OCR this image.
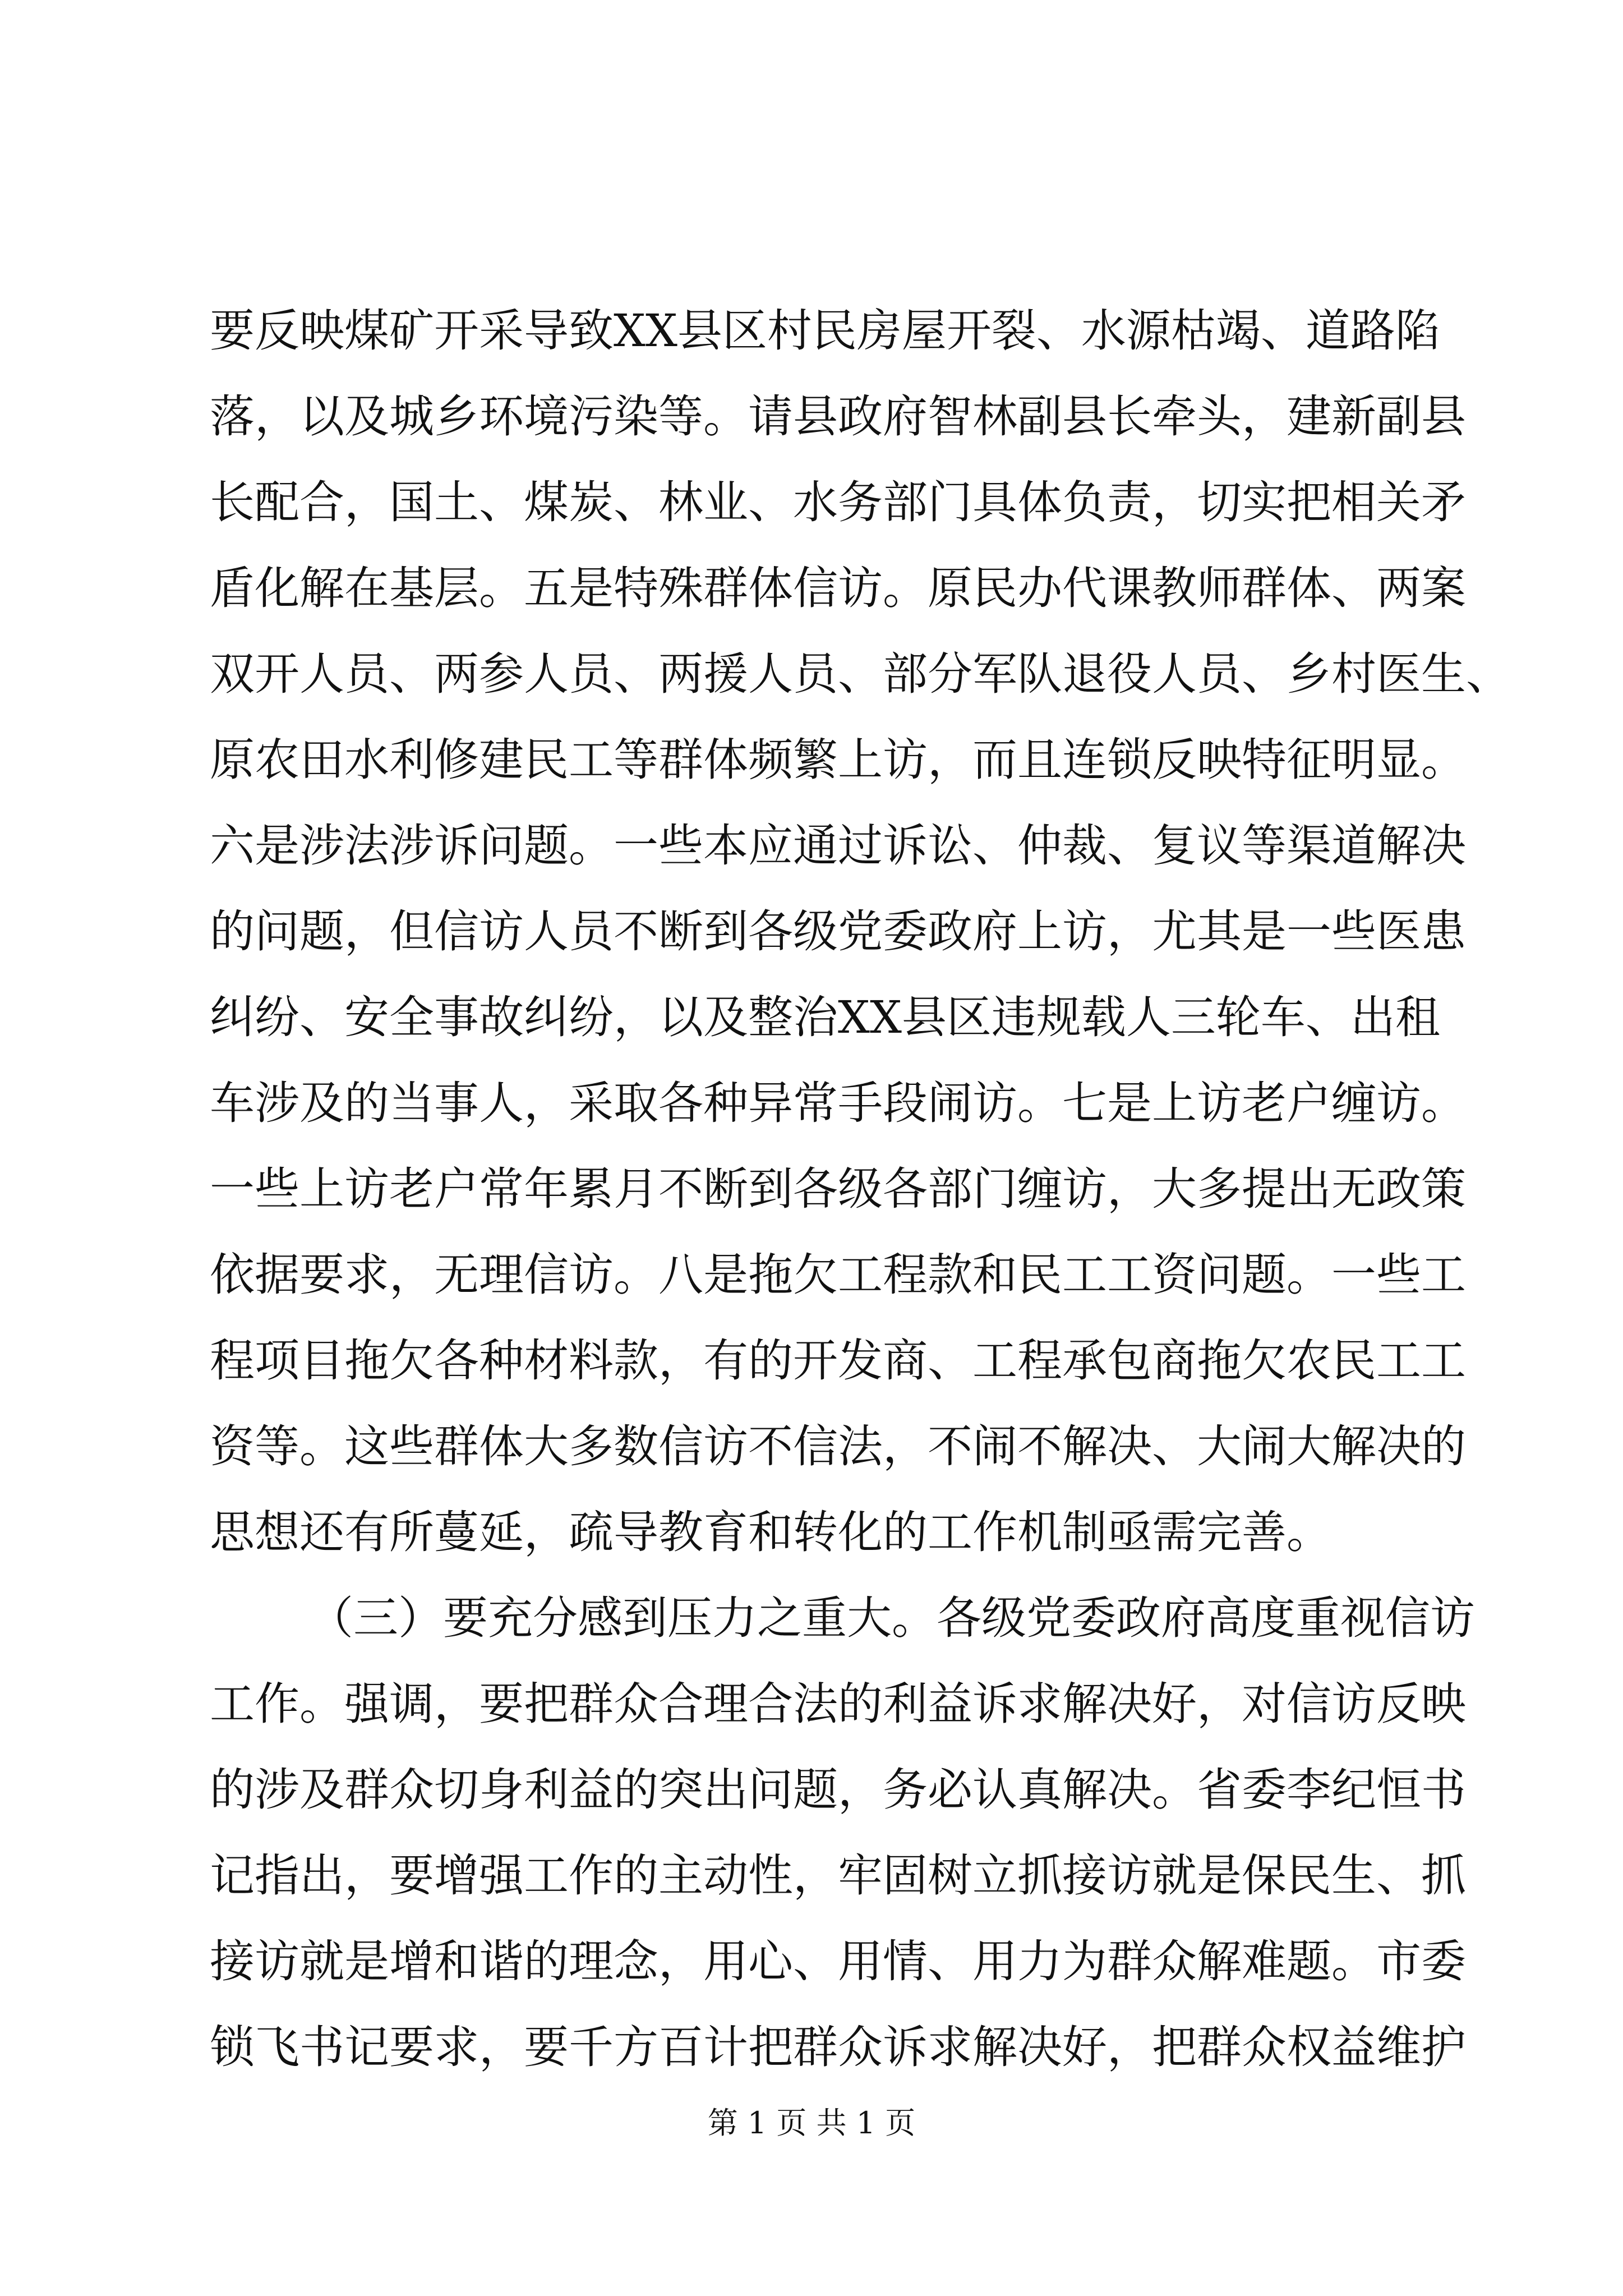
要反映煤矿开采导致XX县区村民房屋开裂、水源枯竭、道路陷
落，以及城乡环境污染等。请县政府智林副县长牵头，建新副县
长配合，国土、煤炭、林业、水务部门具体负责，切实把相关矛
盾化解在基层。五是特殊群体信访。原民办代课教师群体、两案
双开人员、两参人员、两援人员、部分军队退役人员、乡村医生、
原农田水利修建民工等群体频繁上访，而且连锁反映特征明显。
六是涉法涉诉问题。一些本应通过诉讼、仲裁、复议等渠道解决
的问题，但信访人员不断到各级党委政府上访，尤其是一些医患
纠纷、安全事故纠纷，以及整治XX县区违规载人三轮车、出租
车涉及的当事人，采取各种异常手段闹访。七是上访老户缠访。
一些上访老户常年累月不断到各级各部门缠访，大多提出无政策
依据要求，无理信访。八是拖欠工程款和民工工资问题。一些工
程项目拖欠各种材料款，有的开发商、工程承包商拖欠农民工工
资等。这些群体大多数信访不信法，不闹不解决、大闹大解决的
思想还有所蔓延，疏导教育和转化的工作机制亟需完善。
（三）要充分感到压力之重大。各级党委政府高度重视信访
工作。强调，要把群众合理合法的利益诉求解决好，对信访反映
的涉及群众切身利益的突出问题，务必认真解决。省委李纪恒书
记指出，要增强工作的主动性，牢固树立抓接访就是保民生、抓
接访就是增和谐的理念，用心、用情、用力为群众解难题。市委
锁飞书记要求，要千方百计把群众诉求解决好，把群众权益维护
第 1 页 共 1 页
